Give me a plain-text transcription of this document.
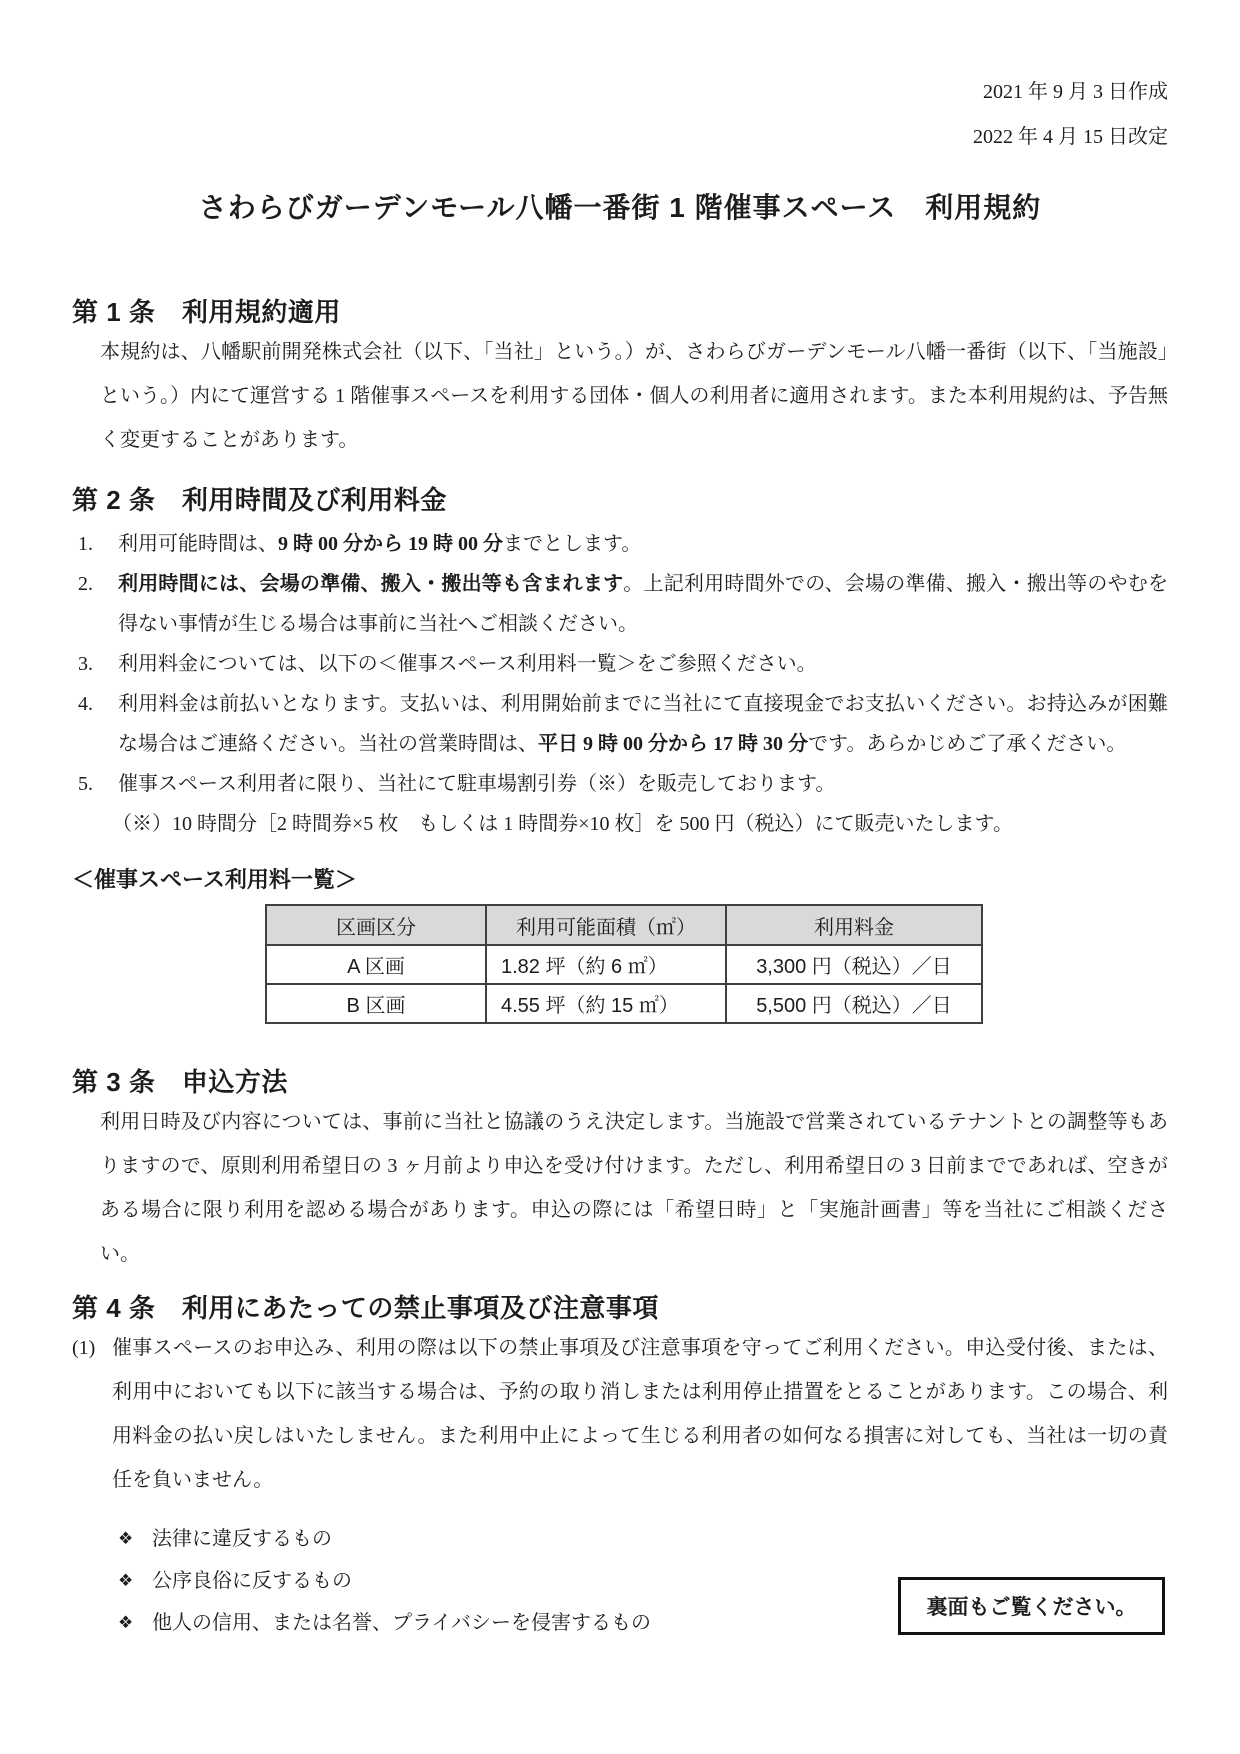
2021 年 9 月 3 日作成
2022 年 4 月 15 日改定
さわらびガーデンモール八幡一番街 1 階催事スペース　利用規約
第 1 条　利用規約適用

本規約は、八幡駅前開発株式会社（以下、「当社」という。）が、さわらびガーデンモール八幡一番街（以下、「当施設」という。）内にて運営する 1 階催事スペースを利用する団体・個人の利用者に適用されます。また本利用規約は、予告無く変更することがあります。

第 2 条　利用時間及び利用料金
1.	利用可能時間は、9 時 00 分から 19 時 00 分までとします。
2.	利用時間には、会場の準備、搬入・搬出等も含まれます。上記利用時間外での、会場の準備、搬入・搬出等のやむを得ない事情が生じる場合は事前に当社へご相談ください。
3.	利用料金については、以下の＜催事スペース利用料一覧＞をご参照ください。
4.	利用料金は前払いとなります。支払いは、利用開始前までに当社にて直接現金でお支払いください。お持込みが困難な場合はご連絡ください。当社の営業時間は、平日 9 時 00 分から 17 時 30 分です。あらかじめご了承ください。
5.	催事スペース利用者に限り、当社にて駐車場割引券（※）を販売しております。
（※）10 時間分［2 時間券×5 枚　もしくは 1 時間券×10 枚］を 500 円（税込）にて販売いたします。
＜催事スペース利用料一覧＞
区画区分	利用可能面積（㎡）	利用料金
A 区画	1.82 坪（約 6 ㎡）	3,300 円（税込）／日
B 区画	4.55 坪（約 15 ㎡）	5,500 円（税込）／日
第 3 条　申込方法

利用日時及び内容については、事前に当社と協議のうえ決定します。当施設で営業されているテナントとの調整等もありますので、原則利用希望日の 3 ヶ月前より申込を受け付けます。ただし、利用希望日の 3 日前までであれば、空きがある場合に限り利用を認める場合があります。申込の際には「希望日時」と「実施計画書」等を当社にご相談ください。

第 4 条　利用にあたっての禁止事項及び注意事項
(1) 催事スペースのお申込み、利用の際は以下の禁止事項及び注意事項を守ってご利用ください。申込受付後、または、利用中においても以下に該当する場合は、予約の取り消しまたは利用停止措置をとることがあります。この場合、利用料金の払い戻しはいたしません。また利用中止によって生じる利用者の如何なる損害に対しても、当社は一切の責任を負いません。
❖ 法律に違反するもの
❖ 公序良俗に反するもの
❖ 他人の信用、または名誉、プライバシーを侵害するもの
裏面もご覧ください。
